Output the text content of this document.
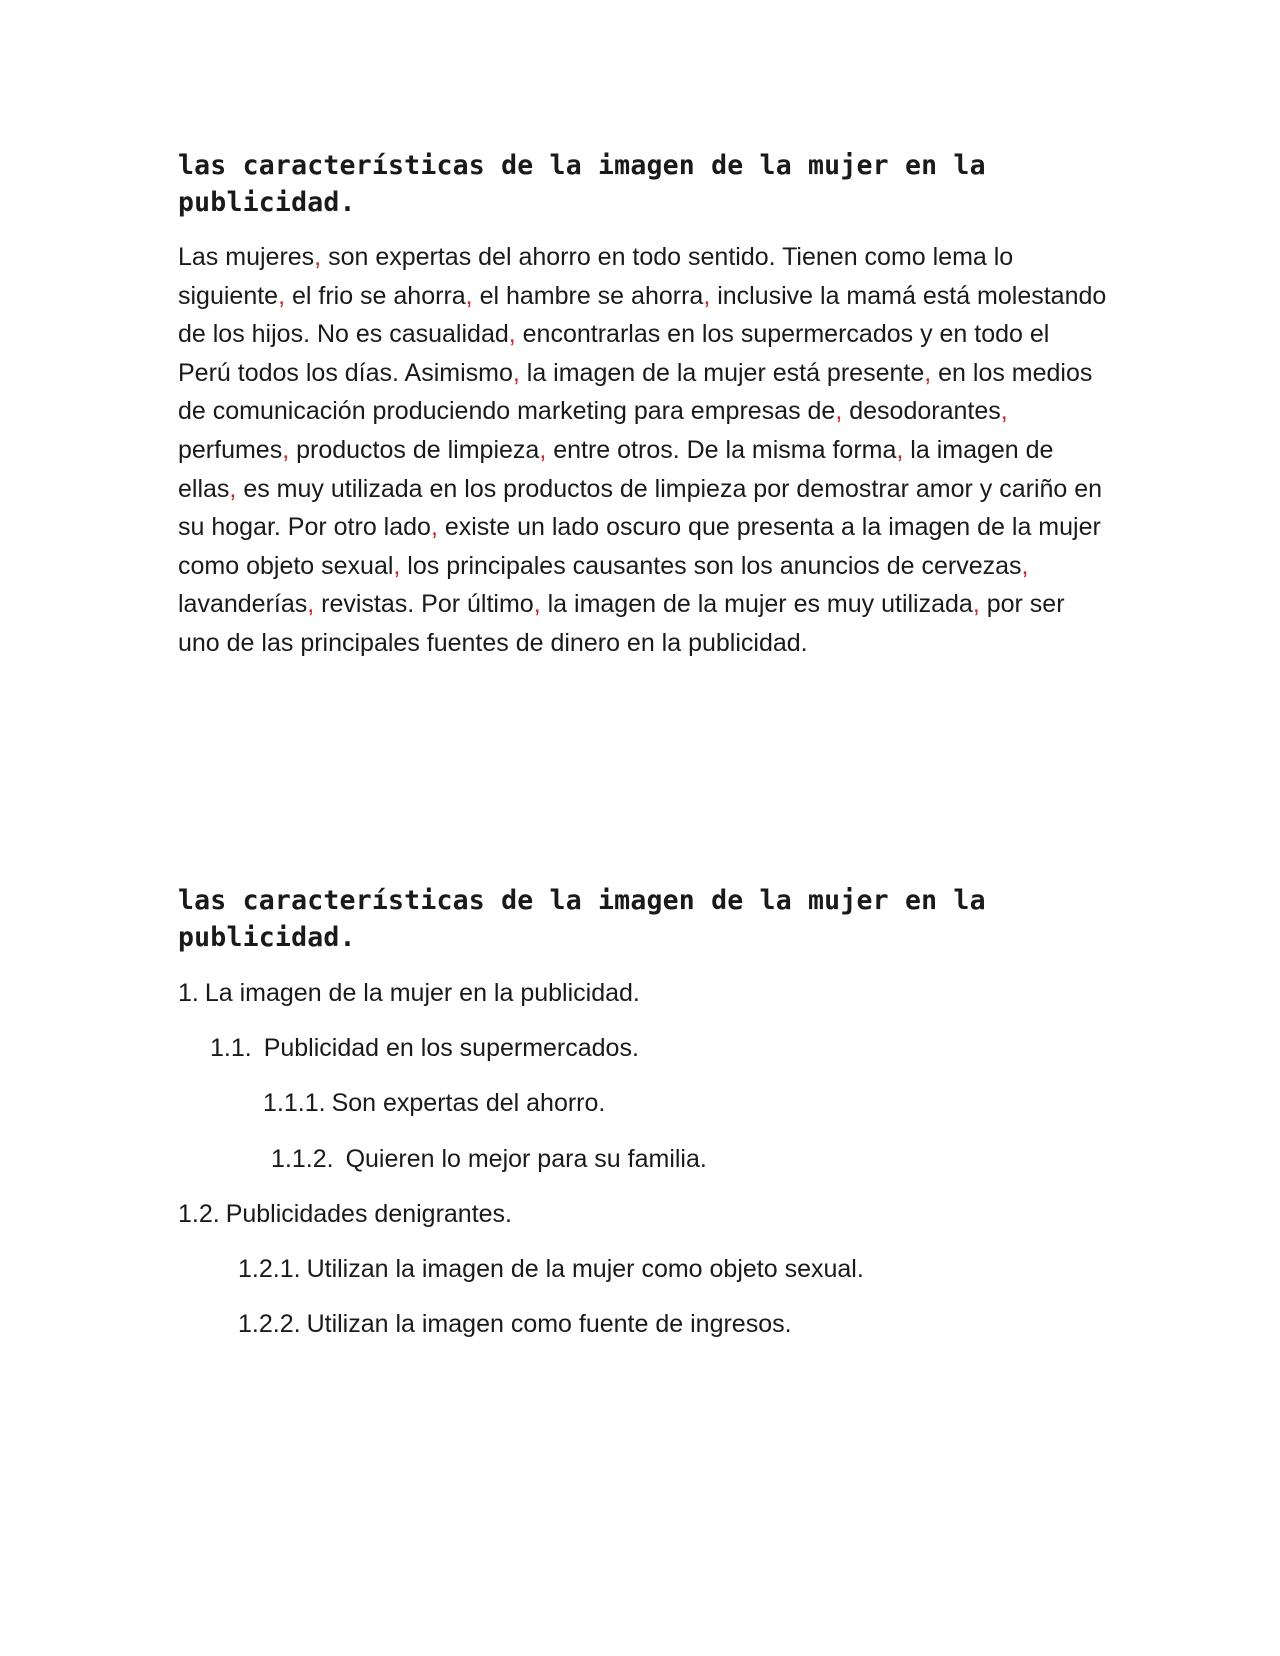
las características de la imagen de la mujer en la publicidad.

Las mujeres, son expertas del ahorro en todo sentido. Tienen como lema lo siguiente, el frio se ahorra, el hambre se ahorra, inclusive la mamá está molestando de los hijos. No es casualidad, encontrarlas en los supermercados y en todo el Perú todos los días. Asimismo, la imagen de la mujer está presente, en los medios de comunicación produciendo marketing para empresas de, desodorantes, perfumes, productos de limpieza, entre otros. De la misma forma, la imagen de ellas, es muy utilizada en los productos de limpieza por demostrar amor y cariño en su hogar. Por otro lado, existe un lado oscuro que presenta a la imagen de la mujer como objeto sexual, los principales causantes son los anuncios de cervezas, lavanderías, revistas. Por último, la imagen de la mujer es muy utilizada, por ser uno de las principales fuentes de dinero en la publicidad.

las características de la imagen de la mujer en la publicidad.
1. La imagen de la mujer en la publicidad.
1.1. Publicidad en los supermercados.
1.1.1. Son expertas del ahorro.
1.1.2. Quieren lo mejor para su familia.
1.2. Publicidades denigrantes.
1.2.1. Utilizan la imagen de la mujer como objeto sexual.
1.2.2. Utilizan la imagen como fuente de ingresos.
